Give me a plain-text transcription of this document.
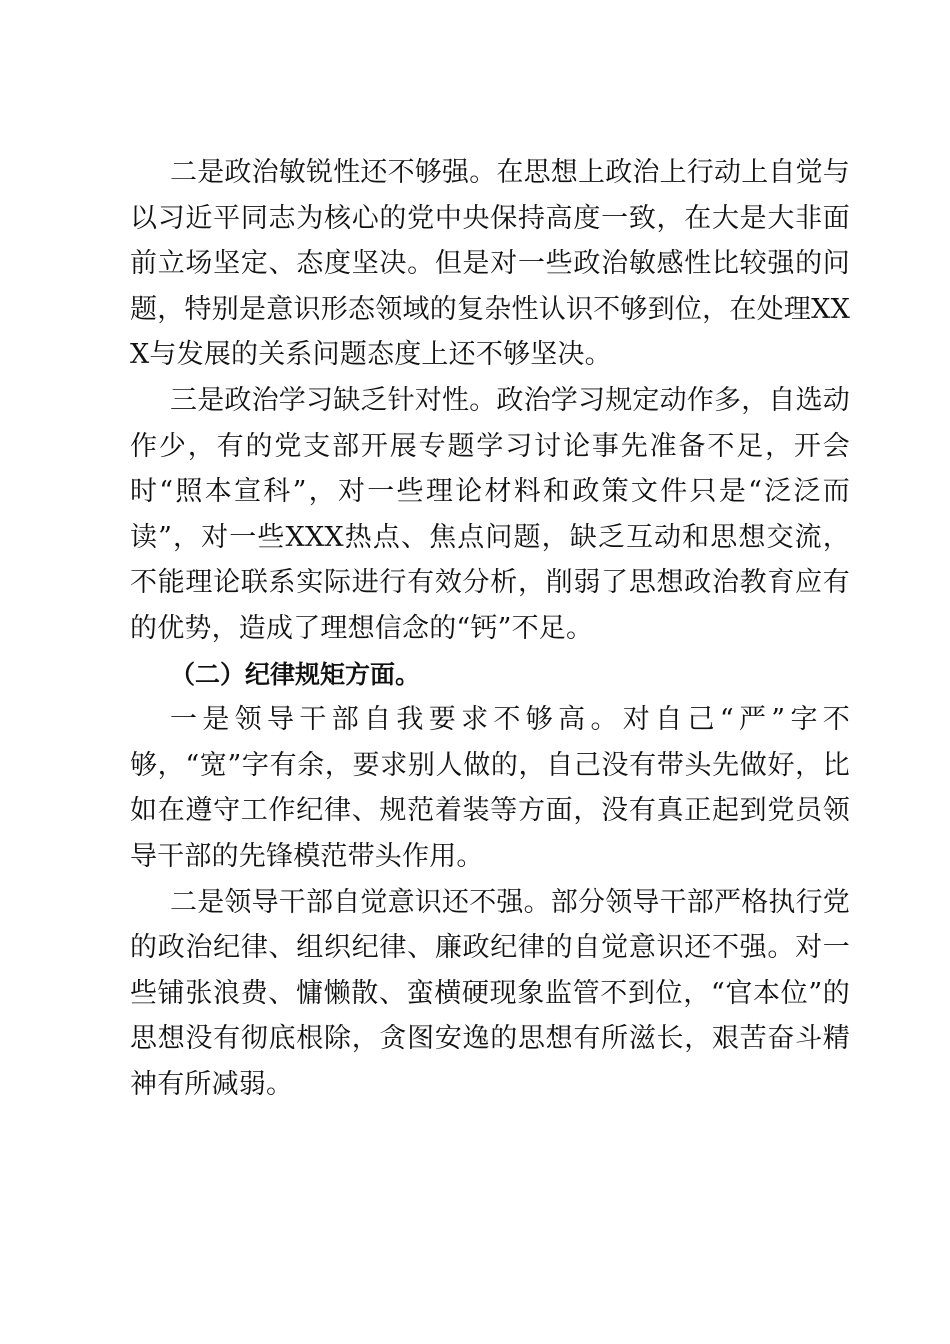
二是政治敏锐性还不够强。在思想上政治上行动上自觉与以习近平同志为核心的党中央保持高度一致，在大是大非面前立场坚定、态度坚决。但是对一些政治敏感性比较强的问题，特别是意识形态领域的复杂性认识不够到位，在处理XXX与发展的关系问题态度上还不够坚决。

三是政治学习缺乏针对性。政治学习规定动作多，自选动作少，有的党支部开展专题学习讨论事先准备不足，开会时“照本宣科”，对一些理论材料和政策文件只是“泛泛而读”，对一些XXX热点、焦点问题，缺乏互动和思想交流，不能理论联系实际进行有效分析，削弱了思想政治教育应有的优势，造成了理想信念的“钙”不足。

（二）纪律规矩方面。

一是领导干部自我要求不够高。对自己“严”字不够，“宽”字有余，要求别人做的，自己没有带头先做好，比如在遵守工作纪律、规范着装等方面，没有真正起到党员领导干部的先锋模范带头作用。

二是领导干部自觉意识还不强。部分领导干部严格执行党的政治纪律、组织纪律、廉政纪律的自觉意识还不强。对一些铺张浪费、慵懒散、蛮横硬现象监管不到位，“官本位”的思想没有彻底根除，贪图安逸的思想有所滋长，艰苦奋斗精神有所减弱。
